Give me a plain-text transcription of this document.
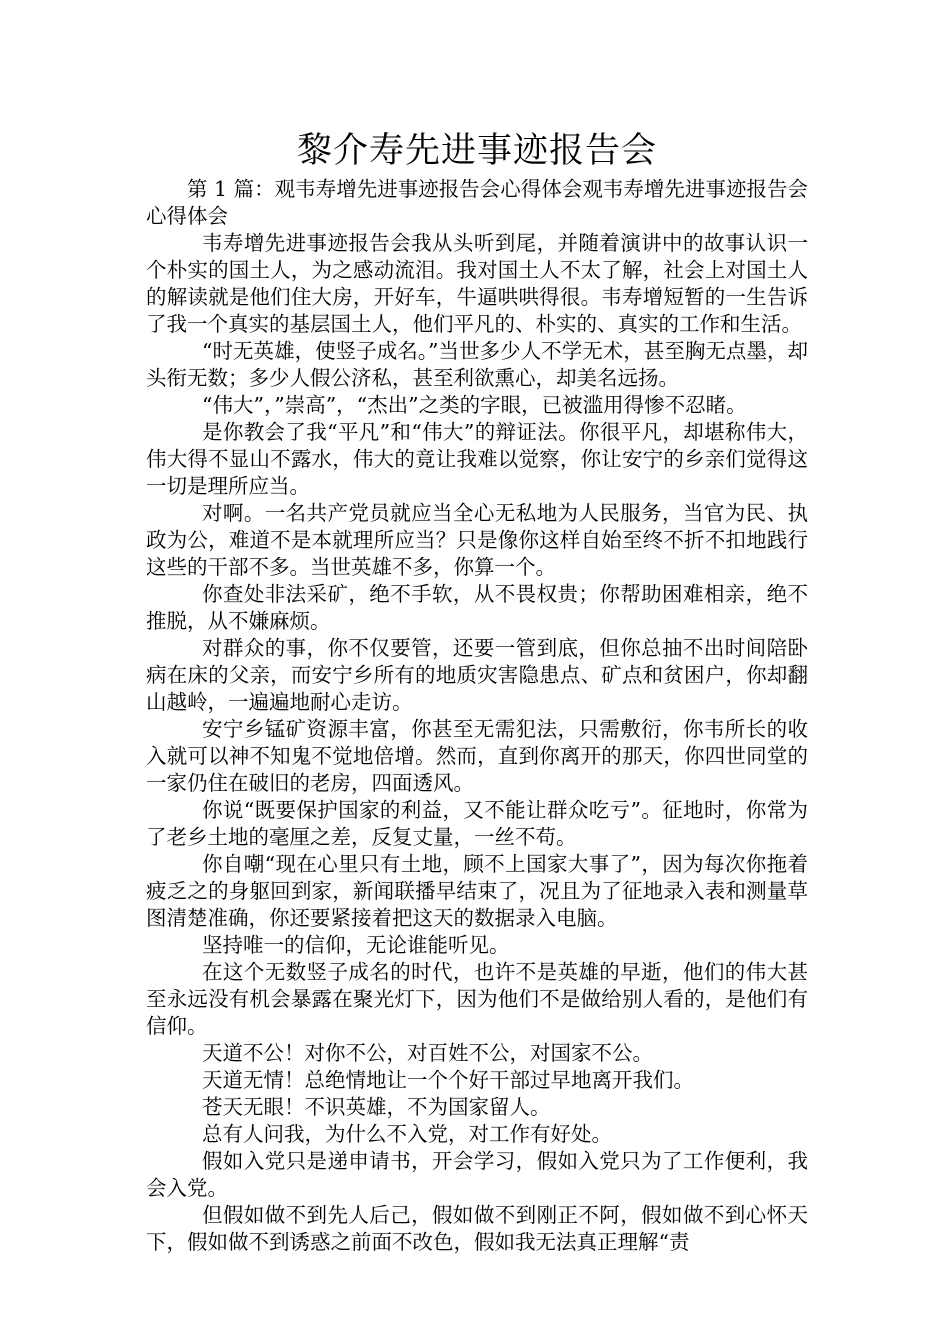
黎介寿先进事迹报告会

第 1 篇：观韦寿增先进事迹报告会心得体会观韦寿增先进事迹报告会心得体会

韦寿增先进事迹报告会我从头听到尾，并随着演讲中的故事认识一个朴实的国土人，为之感动流泪。我对国土人不太了解，社会上对国土人的解读就是他们住大房，开好车，牛逼哄哄得很。韦寿增短暂的一生告诉了我一个真实的基层国土人，他们平凡的、朴实的、真实的工作和生活。

“时无英雄，使竖子成名。”当世多少人不学无术，甚至胸无点墨，却头衔无数；多少人假公济私，甚至利欲熏心，却美名远扬。

“伟大”，”崇高”，“杰出”之类的字眼，已被滥用得惨不忍睹。

是你教会了我“平凡”和“伟大”的辩证法。你很平凡，却堪称伟大，伟大得不显山不露水，伟大的竟让我难以觉察，你让安宁的乡亲们觉得这一切是理所应当。

对啊。一名共产党员就应当全心无私地为人民服务，当官为民、执政为公，难道不是本就理所应当？只是像你这样自始至终不折不扣地践行这些的干部不多。当世英雄不多，你算一个。

你查处非法采矿，绝不手软，从不畏权贵；你帮助困难相亲，绝不推脱，从不嫌麻烦。

对群众的事，你不仅要管，还要一管到底，但你总抽不出时间陪卧病在床的父亲，而安宁乡所有的地质灾害隐患点、矿点和贫困户，你却翻山越岭，一遍遍地耐心走访。

安宁乡锰矿资源丰富，你甚至无需犯法，只需敷衍，你韦所长的收入就可以神不知鬼不觉地倍增。然而，直到你离开的那天，你四世同堂的一家仍住在破旧的老房，四面透风。

你说“既要保护国家的利益，又不能让群众吃亏”。征地时，你常为了老乡土地的毫厘之差，反复丈量，一丝不苟。

你自嘲“现在心里只有土地，顾不上国家大事了”，因为每次你拖着疲乏之的身躯回到家，新闻联播早结束了，况且为了征地录入表和测量草图清楚准确，你还要紧接着把这天的数据录入电脑。

坚持唯一的信仰，无论谁能听见。

在这个无数竖子成名的时代，也许不是英雄的早逝，他们的伟大甚至永远没有机会暴露在聚光灯下，因为他们不是做给别人看的，是他们有信仰。

天道不公！对你不公，对百姓不公，对国家不公。

天道无情！总绝情地让一个个好干部过早地离开我们。

苍天无眼！不识英雄，不为国家留人。

总有人问我，为什么不入党，对工作有好处。

假如入党只是递申请书，开会学习，假如入党只为了工作便利，我会入党。

但假如做不到先人后己，假如做不到刚正不阿，假如做不到心怀天下，假如做不到诱惑之前面不改色，假如我无法真正理解“责
